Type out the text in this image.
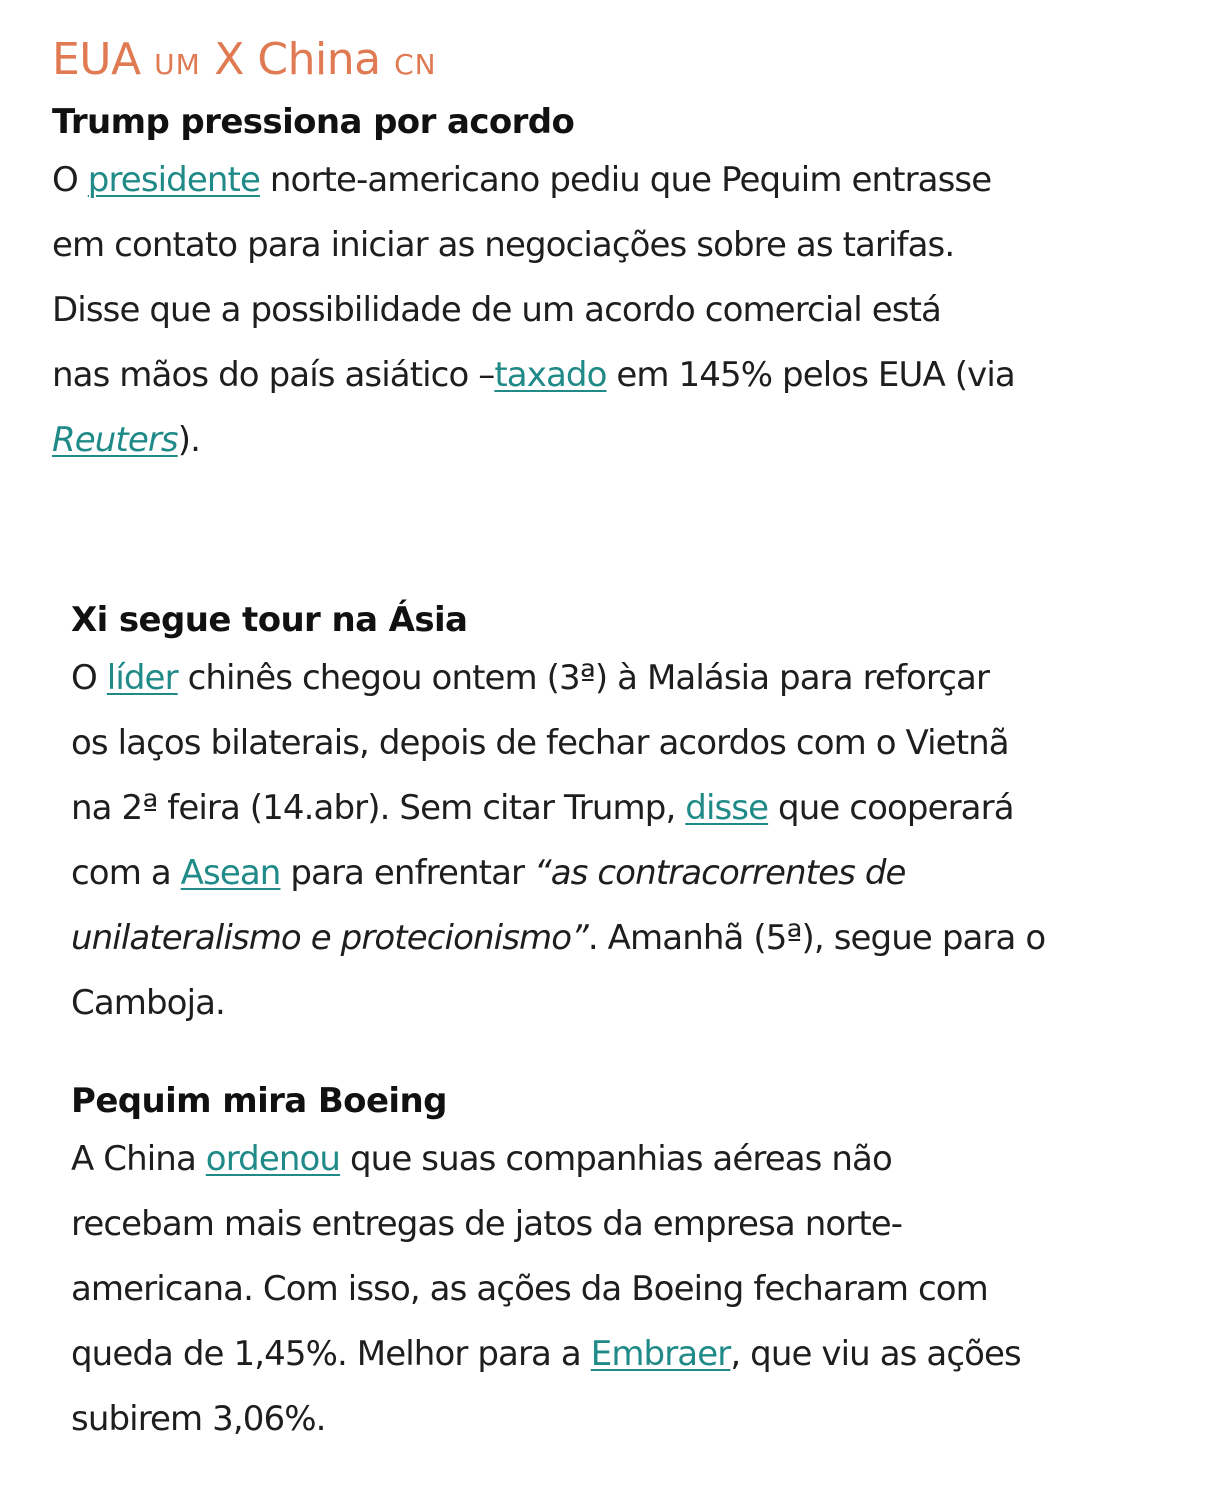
EUA UM X China CN
Trump pressiona por acordo

O presidente norte-americano pediu que Pequim entrasse
em contato para iniciar as negociações sobre as tarifas.
Disse que a possibilidade de um acordo comercial está
nas mãos do país asiático –taxado em 145% pelos EUA (via
Reuters).

Xi segue tour na Ásia

O líder chinês chegou ontem (3ª) à Malásia para reforçar
os laços bilaterais, depois de fechar acordos com o Vietnã
na 2ª feira (14.abr). Sem citar Trump, disse que cooperará
com a Asean para enfrentar “as contracorrentes de
unilateralismo e protecionismo”. Amanhã (5ª), segue para o
Camboja.

Pequim mira Boeing

A China ordenou que suas companhias aéreas não
recebam mais entregas de jatos da empresa norte-
americana. Com isso, as ações da Boeing fecharam com
queda de 1,45%. Melhor para a Embraer, que viu as ações
subirem 3,06%.
